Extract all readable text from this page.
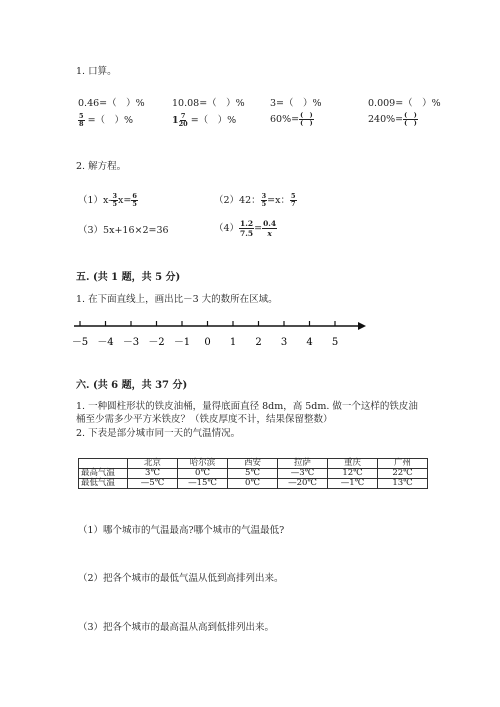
1. 口算。
0.46=（　）%	10.08=（　）%	3=（　）%	0.009=（　）%
$\frac{5}{8}$ =（　）%	$1 \frac{7}{20}$ =（　）%	$60\%= \frac{( )}{( )}$	$240\%= \frac{( )}{( )}$
2. 解方程。
$(1)x- \frac{3}{5} x= \frac{6}{5}$	（2）42： $\frac{3}{5} =x$： $\frac{5}{7}$
（3）5x+16×2=36	$(4) \frac{1.2}{7.5} = \frac{0.4}{x}$
五. (共 1 题，共 5 分)
1. 在下面直线上，画出比－3 大的数所在区域。
－5 －4 －3 －2 －1 0 1 2 3 4 5
六. (共 6 题，共 37 分)
1. 一种圆柱形状的铁皮油桶，量得底面直径 8dm，高 5dm. 做一个这样的铁皮油
桶至少需多少平方米铁皮？（铁皮厚度不计，结果保留整数）
2. 下表是部分城市同一天的气温情况。
	北京	哈尔滨	西安	拉萨	重庆	广州
最高气温	3℃	0℃	5℃	—3℃	12℃	22℃
最低气温	—5℃	—15℃	0℃	—20℃	—1℃	13℃
（1）哪个城市的气温最高?哪个城市的气温最低?
（2）把各个城市的最低气温从低到高排列出来。
（3）把各个城市的最高温从高到低排列出来。
